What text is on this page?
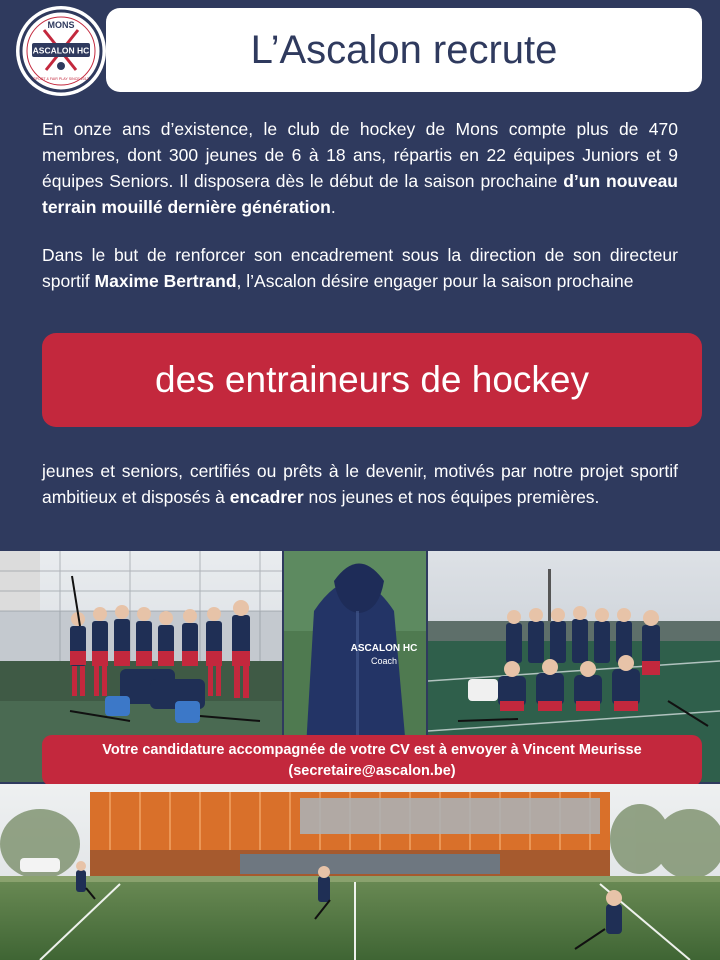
MONS
ASCALON HC
SPORT & FAIR PLAY SINCE 2012
L’Ascalon recrute

En onze ans d’existence, le club de hockey de Mons compte plus de 470 membres, dont 300 jeunes de 6 à 18 ans, répartis en 22 équipes Juniors et 9 équipes Seniors. Il disposera dès le début de la saison prochaine d’un nouveau terrain mouillé dernière génération.

Dans le but de renforcer son encadrement sous la direction de son directeur sportif Maxime Bertrand, l’Ascalon désire engager pour la saison prochaine

des entraineurs de hockey

jeunes et seniors, certifiés ou prêts à le devenir, motivés par notre projet sportif ambitieux et disposés à encadrer nos jeunes et nos équipes premières.

ASCALON HC
Coach
Votre candidature accompagnée de votre CV est à envoyer à Vincent Meurisse
(secretaire@ascalon.be)
